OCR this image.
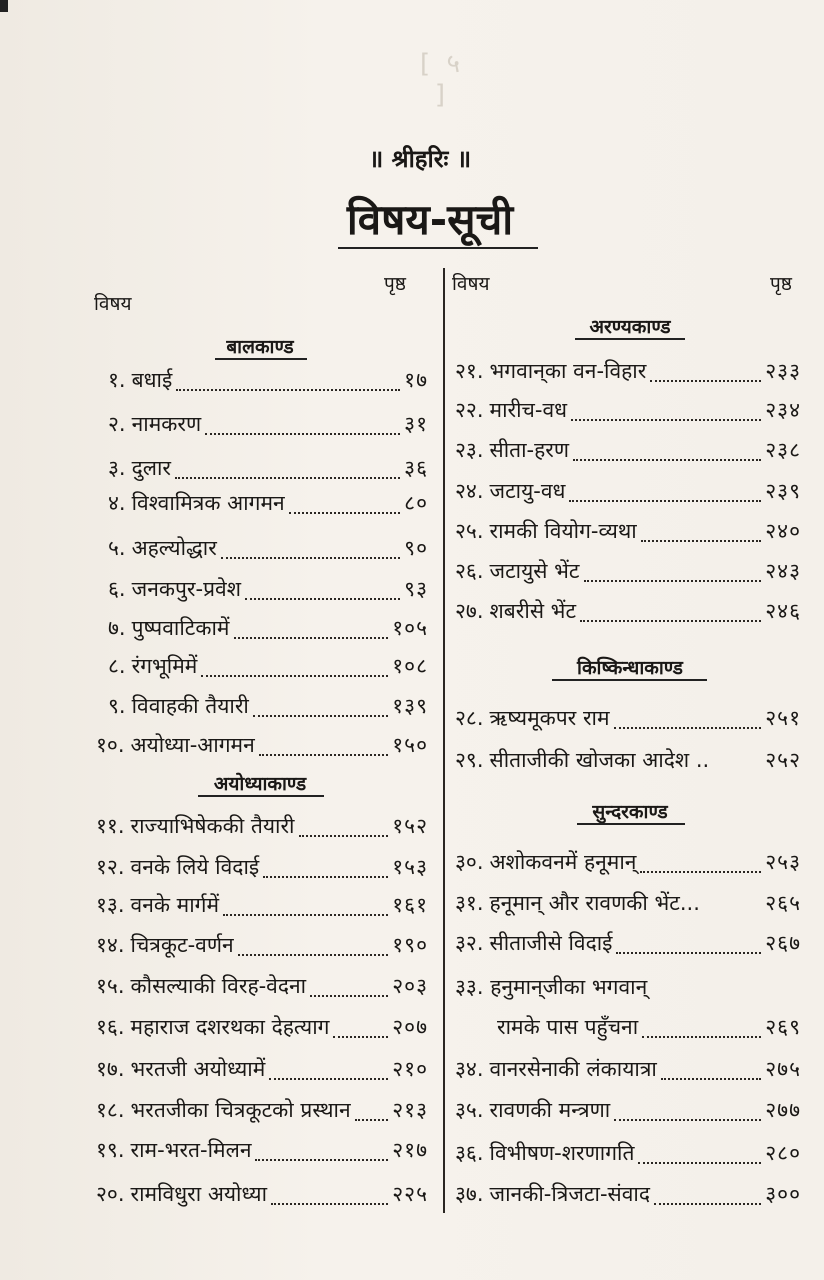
[ ५ ]
॥ श्रीहरिः ॥
विषय-सूची
विषय
पृष्ठ विषय	पृष्ठ
बालकाण्ड
अयोध्याकाण्ड
अरण्यकाण्ड
किष्किन्धाकाण्ड
सुन्दरकाण्ड
१. बधाई	१७
२. नामकरण	३१
३. दुलार	३६
४. विश्वामित्रक आगमन	८०
५. अहल्योद्धार	९०
६. जनकपुर-प्रवेश	९३
७. पुष्पवाटिकामें	१०५
८. रंगभूमिमें	१०८
९. विवाहकी तैयारी	१३९
१०. अयोध्या-आगमन	१५०
११. राज्याभिषेककी तैयारी	१५२
१२. वनके लिये विदाई	१५३
१३. वनके मार्गमें	१६१
१४. चित्रकूट-वर्णन	१९०
१५. कौसल्याकी विरह-वेदना	२०३
१६. महाराज दशरथका देहत्याग	२०७
१७. भरतजी अयोध्यामें	२१०
१८. भरतजीका चित्रकूटको प्रस्थान २१३
१९. राम-भरत-मिलन	२१७
२०. रामविधुरा अयोध्या	२२५
२१. भगवान्‌का वन-विहार	२३३
२२. मारीच-वध	२३४
२३. सीता-हरण	२३८
२४. जटायु-वध	२३९
२५. रामकी वियोग-व्यथा	२४०
२६. जटायुसे भेंट	२४३
२७. शबरीसे भेंट	२४६
२८. ऋष्यमूकपर राम	२५१
२९. सीताजीकी खोजका आदेश ..	२५२
३०. अशोकवनमें हनूमान्	२५३
३१. हनूमान् और रावणकी भेंट...	२६५
३२. सीताजीसे विदाई	२६७
३३. हनुमान्‌जीका भगवान्
रामके पास पहुँचना	२६९
३४. वानरसेनाकी लंकायात्रा	२७५
३५. रावणकी मन्त्रणा	२७७
३६. विभीषण-शरणागति	२८०
३७. जानकी-त्रिजटा-संवाद	३००
